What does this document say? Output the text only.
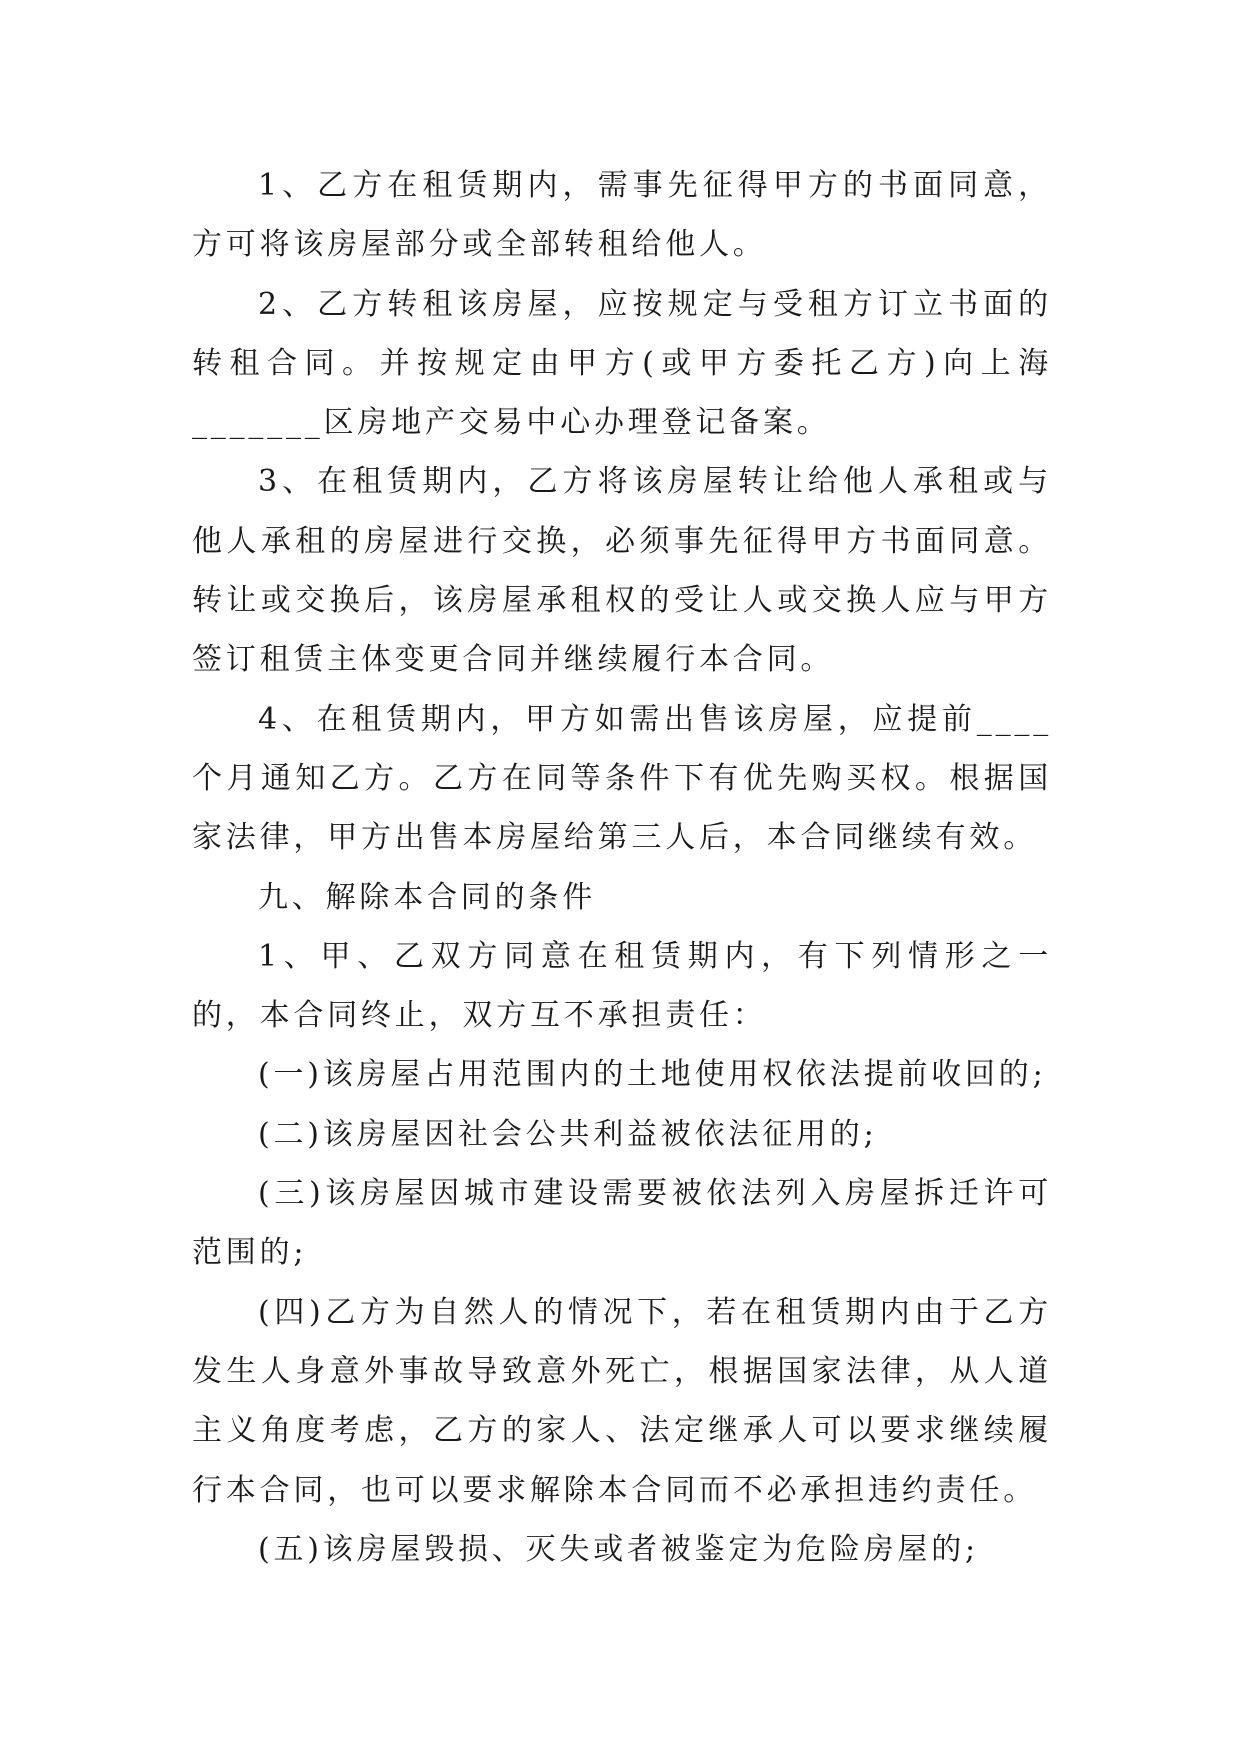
1、乙方在租赁期内，需事先征得甲方的书面同意，方可将该房屋部分或全部转租给他人。

2、乙方转租该房屋，应按规定与受租方订立书面的转租合同。并按规定由甲方(或甲方委托乙方)向上海_______区房地产交易中心办理登记备案。

3、在租赁期内，乙方将该房屋转让给他人承租或与他人承租的房屋进行交换，必须事先征得甲方书面同意。转让或交换后，该房屋承租权的受让人或交换人应与甲方签订租赁主体变更合同并继续履行本合同。

4、在租赁期内，甲方如需出售该房屋，应提前____个月通知乙方。乙方在同等条件下有优先购买权。根据国家法律，甲方出售本房屋给第三人后，本合同继续有效。

九、解除本合同的条件

1、甲、乙双方同意在租赁期内，有下列情形之一的，本合同终止，双方互不承担责任：

(一)该房屋占用范围内的土地使用权依法提前收回的;

(二)该房屋因社会公共利益被依法征用的;

(三)该房屋因城市建设需要被依法列入房屋拆迁许可范围的;

(四)乙方为自然人的情况下，若在租赁期内由于乙方发生人身意外事故导致意外死亡，根据国家法律，从人道主义角度考虑，乙方的家人、法定继承人可以要求继续履行本合同，也可以要求解除本合同而不必承担违约责任。

(五)该房屋毁损、灭失或者被鉴定为危险房屋的;
